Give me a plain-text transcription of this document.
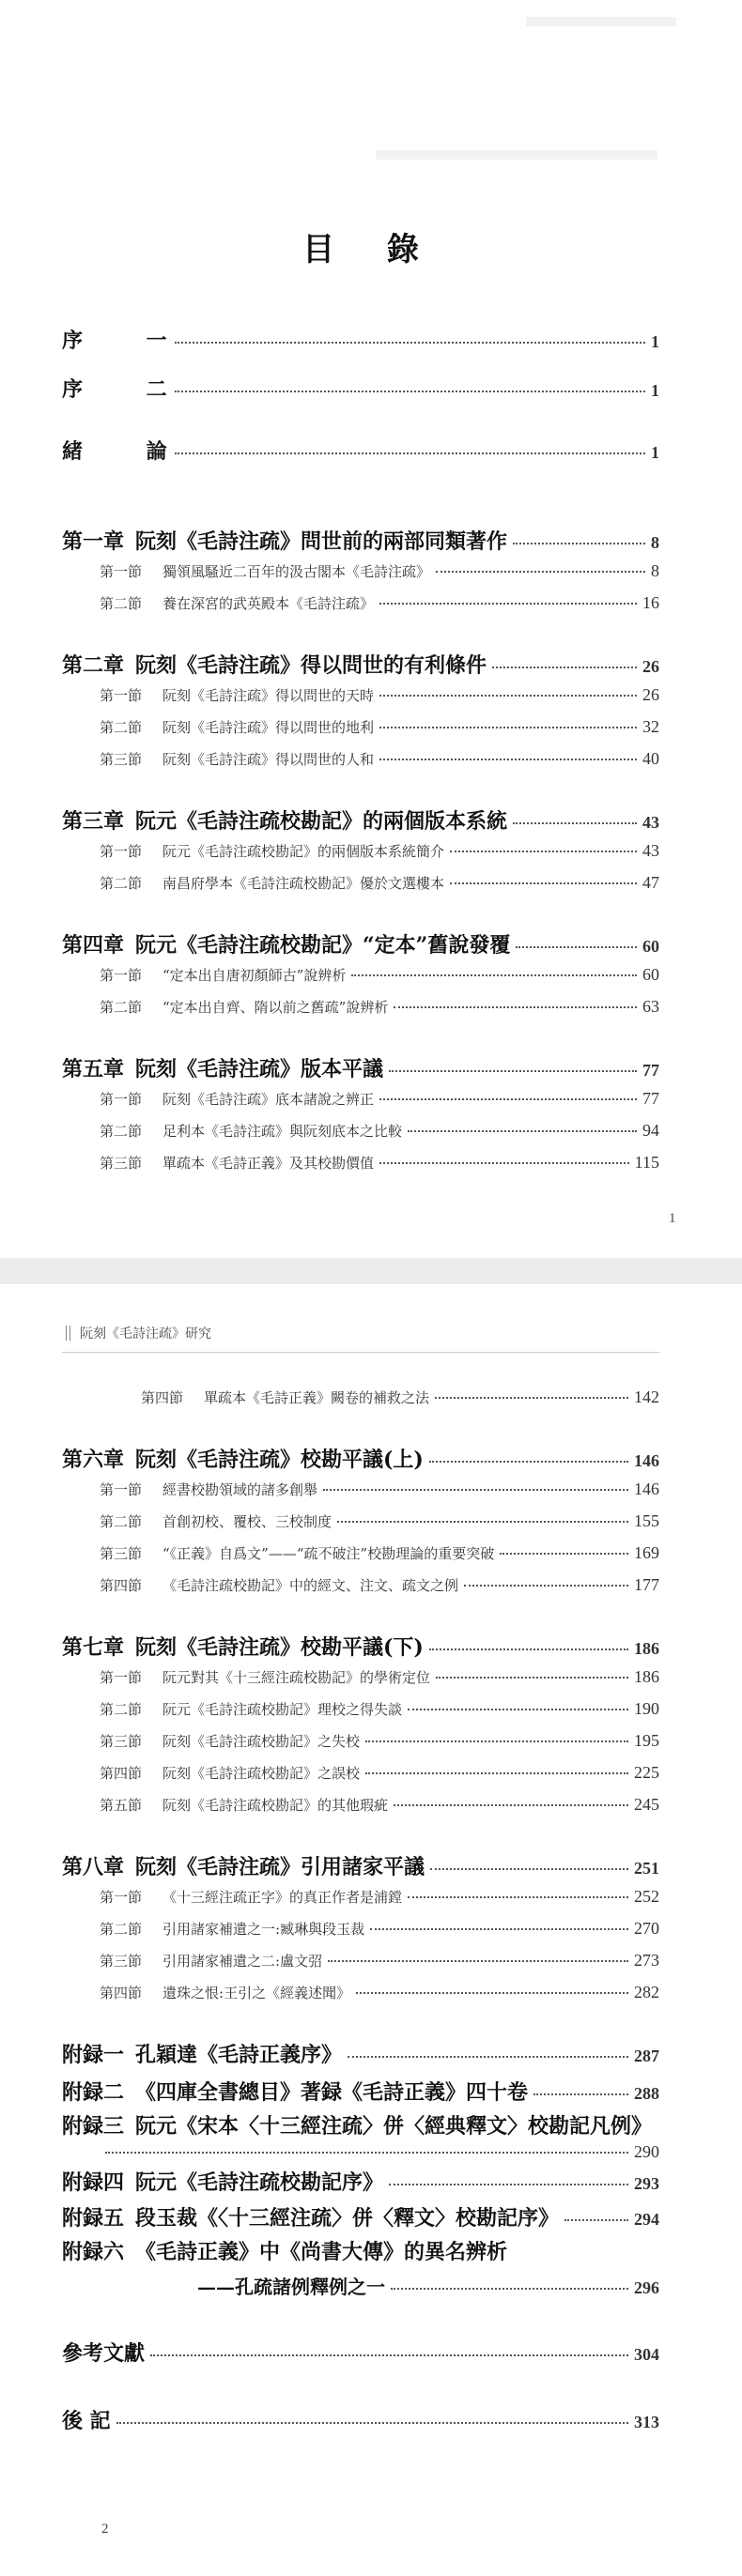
目 錄
序 一	1
序 二	1
緒 論	1
1
第一章 阮刻《毛詩注疏》問世前的兩部同類著作	8
第一節 獨領風騷近二百年的汲古閣本《毛詩注疏》	8
第二節 養在深宮的武英殿本《毛詩注疏》	16
第二章 阮刻《毛詩注疏》得以問世的有利條件	26
第一節 阮刻《毛詩注疏》得以問世的天時	26
第二節 阮刻《毛詩注疏》得以問世的地利	32
第三節 阮刻《毛詩注疏》得以問世的人和	40
第三章 阮元《毛詩注疏校勘記》的兩個版本系統	43
第一節 阮元《毛詩注疏校勘記》的兩個版本系統簡介	43
第二節 南昌府學本《毛詩注疏校勘記》優於文選樓本	47
第四章 阮元《毛詩注疏校勘記》“定本”舊說發覆	60
第一節 “定本出自唐初顏師古”說辨析	60
第二節 “定本出自齊、隋以前之舊疏”說辨析	63
第五章 阮刻《毛詩注疏》版本平議	77
第一節 阮刻《毛詩注疏》底本諸說之辨正	77
第二節 足利本《毛詩注疏》與阮刻底本之比較	94
第三節 單疏本《毛詩正義》及其校勘價值	115
阮刻《毛詩注疏》研究
第四節 單疏本《毛詩正義》闕卷的補救之法	142
2
第六章 阮刻《毛詩注疏》校勘平議(上)	146
第一節 經書校勘領域的諸多創舉	146
第二節 首創初校、覆校、三校制度	155
第三節 “《正義》自爲文”——“疏不破注”校勘理論的重要突破	169
第四節 《毛詩注疏校勘記》中的經文、注文、疏文之例	177
第七章 阮刻《毛詩注疏》校勘平議(下)	186
第一節 阮元對其《十三經注疏校勘記》的學術定位	186
第二節 阮元《毛詩注疏校勘記》理校之得失談	190
第三節 阮刻《毛詩注疏校勘記》之失校	195
第四節 阮刻《毛詩注疏校勘記》之誤校	225
第五節 阮刻《毛詩注疏校勘記》的其他瑕疵	245
第八章 阮刻《毛詩注疏》引用諸家平議	251
第一節 《十三經注疏正字》的真正作者是浦鏜	252
第二節 引用諸家補遺之一:臧琳與段玉裁	270
第三節 引用諸家補遺之二:盧文弨	273
第四節 遺珠之恨:王引之《經義述聞》	282
附録一 孔穎達《毛詩正義序》	287
附録二 《四庫全書總目》著録《毛詩正義》四十卷	288
附録三 阮元《宋本〈十三經注疏〉併〈經典釋文〉校勘記凡例》
290
附録四 阮元《毛詩注疏校勘記序》	293
附録五 段玉裁《〈十三經注疏〉併〈釋文〉校勘記序》	294
附録六 《毛詩正義》中《尚書大傳》的異名辨析
——孔疏諸例釋例之一	296
參考文獻	304
後 記	313
